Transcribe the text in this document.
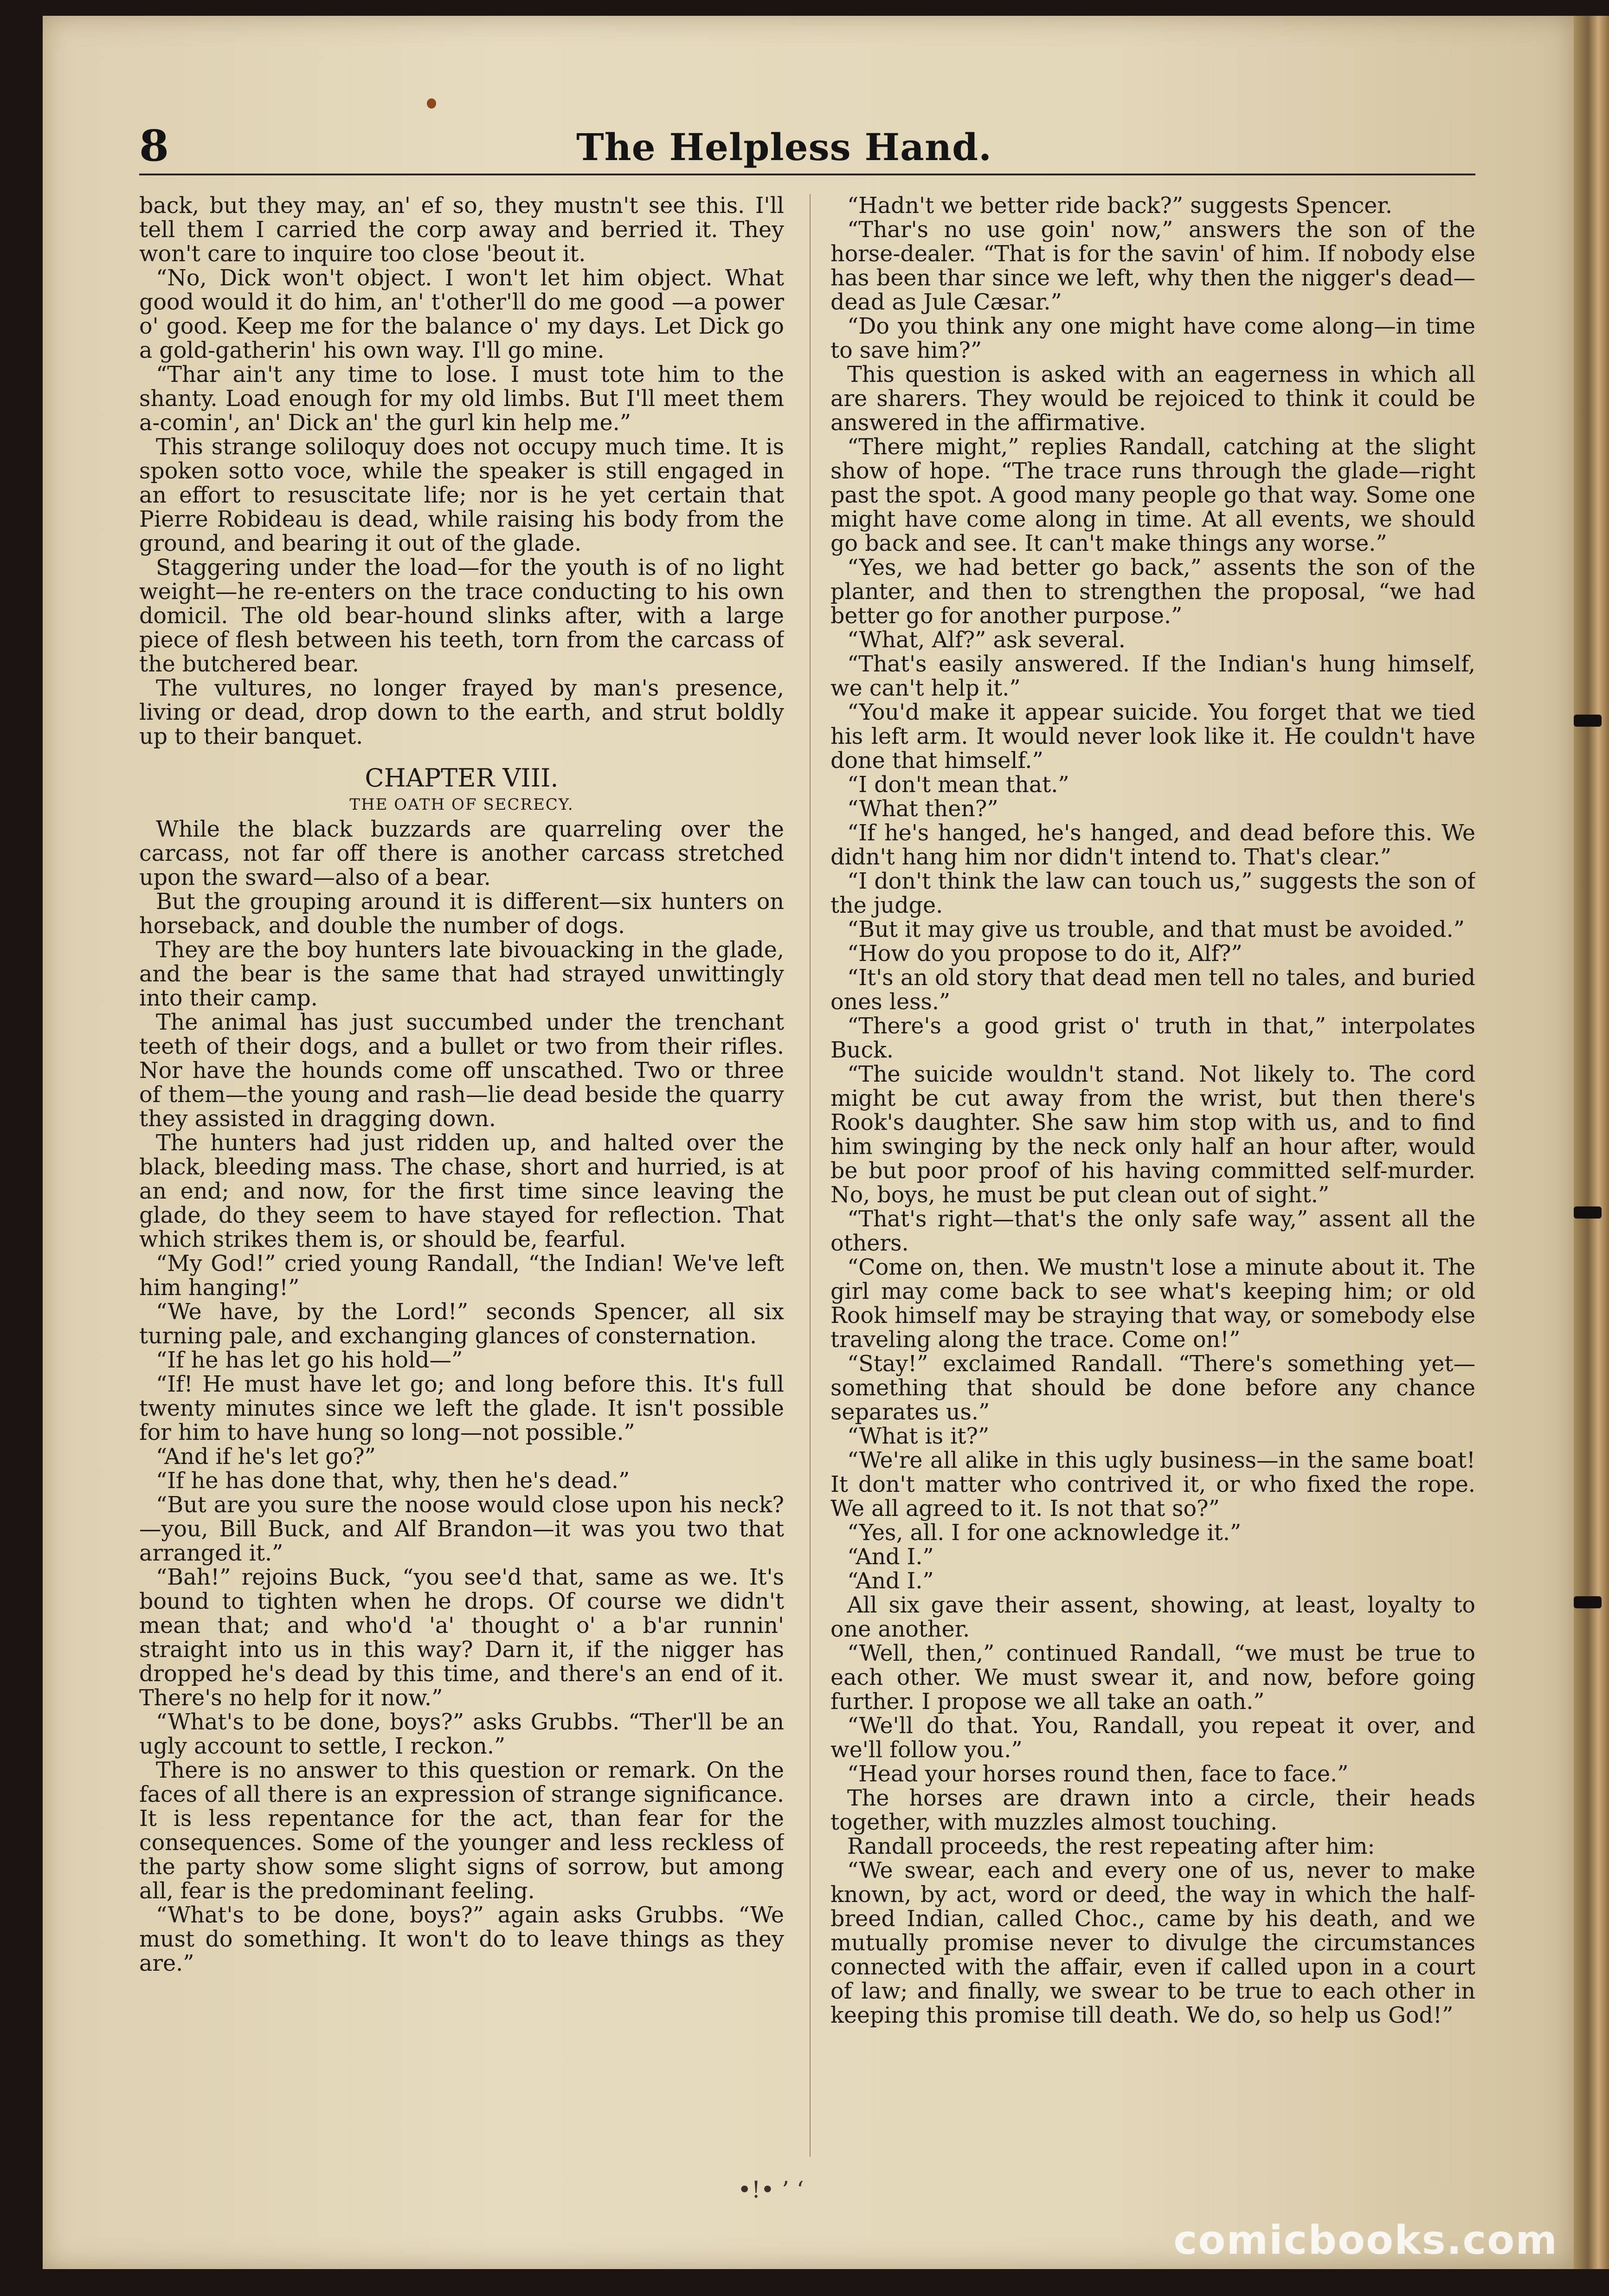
8	The Helpless Hand.

back, but they may, an' ef so, they mustn't see this. I'll tell them I carried the corp away and berried it. They won't care to inquire too close 'beout it.

“No, Dick won't object. I won't let him object. What good would it do him, an' t'other'll do me good —a power o' good. Keep me for the balance o' my days. Let Dick go a gold-gatherin' his own way. I'll go mine.

“Thar ain't any time to lose. I must tote him to the shanty. Load enough for my old limbs. But I'll meet them a-comin', an' Dick an' the gurl kin help me.”

This strange soliloquy does not occupy much time. It is spoken sotto voce, while the speaker is still engaged in an effort to resuscitate life; nor is he yet certain that Pierre Robideau is dead, while raising his body from the ground, and bearing it out of the glade.

Staggering under the load—for the youth is of no light weight—he re-enters on the trace conducting to his own domicil. The old bear-hound slinks after, with a large piece of flesh between his teeth, torn from the carcass of the butchered bear.

The vultures, no longer frayed by man's presence, living or dead, drop down to the earth, and strut boldly up to their banquet.

CHAPTER VIII.
THE OATH OF SECRECY.

While the black buzzards are quarreling over the carcass, not far off there is another carcass stretched upon the sward—also of a bear.

But the grouping around it is different—six hunters on horseback, and double the number of dogs.

They are the boy hunters late bivouacking in the glade, and the bear is the same that had strayed unwittingly into their camp.

The animal has just succumbed under the trenchant teeth of their dogs, and a bullet or two from their rifles. Nor have the hounds come off unscathed. Two or three of them—the young and rash—lie dead beside the quarry they assisted in dragging down.

The hunters had just ridden up, and halted over the black, bleeding mass. The chase, short and hurried, is at an end; and now, for the first time since leaving the glade, do they seem to have stayed for reflection. That which strikes them is, or should be, fearful.

“My God!” cried young Randall, “the Indian! We've left him hanging!”

“We have, by the Lord!” seconds Spencer, all six turning pale, and exchanging glances of consternation.

“If he has let go his hold—”

“If! He must have let go; and long before this. It's full twenty minutes since we left the glade. It isn't possible for him to have hung so long—not possible.”

“And if he's let go?”

“If he has done that, why, then he's dead.”

“But are you sure the noose would close upon his neck?—you, Bill Buck, and Alf Brandon—it was you two that arranged it.”

“Bah!” rejoins Buck, “you see'd that, same as we. It's bound to tighten when he drops. Of course we didn't mean that; and who'd 'a' thought o' a b'ar runnin' straight into us in this way? Darn it, if the nigger has dropped he's dead by this time, and there's an end of it. There's no help for it now.”

“What's to be done, boys?” asks Grubbs. “Ther'll be an ugly account to settle, I reckon.”

There is no answer to this question or remark. On the faces of all there is an expression of strange significance. It is less repentance for the act, than fear for the consequences. Some of the younger and less reckless of the party show some slight signs of sorrow, but among all, fear is the predominant feeling.

“What's to be done, boys?” again asks Grubbs. “We must do something. It won't do to leave things as they are.”

“Hadn't we better ride back?” suggests Spencer.

“Thar's no use goin' now,” answers the son of the horse-dealer. “That is for the savin' of him. If nobody else has been thar since we left, why then the nigger's dead—dead as Jule Cæsar.”

“Do you think any one might have come along—in time to save him?”

This question is asked with an eagerness in which all are sharers. They would be rejoiced to think it could be answered in the affirmative.

“There might,” replies Randall, catching at the slight show of hope. “The trace runs through the glade—right past the spot. A good many people go that way. Some one might have come along in time. At all events, we should go back and see. It can't make things any worse.”

“Yes, we had better go back,” assents the son of the planter, and then to strengthen the proposal, “we had better go for another purpose.”

“What, Alf?” ask several.

“That's easily answered. If the Indian's hung himself, we can't help it.”

“You'd make it appear suicide. You forget that we tied his left arm. It would never look like it. He couldn't have done that himself.”

“I don't mean that.”

“What then?”

“If he's hanged, he's hanged, and dead before this. We didn't hang him nor didn't intend to. That's clear.”

“I don't think the law can touch us,” suggests the son of the judge.

“But it may give us trouble, and that must be avoided.”

“How do you propose to do it, Alf?”

“It's an old story that dead men tell no tales, and buried ones less.”

“There's a good grist o' truth in that,” interpolates Buck.

“The suicide wouldn't stand. Not likely to. The cord might be cut away from the wrist, but then there's Rook's daughter. She saw him stop with us, and to find him swinging by the neck only half an hour after, would be but poor proof of his having committed self-murder. No, boys, he must be put clean out of sight.”

“That's right—that's the only safe way,” assent all the others.

“Come on, then. We mustn't lose a minute about it. The girl may come back to see what's keeping him; or old Rook himself may be straying that way, or somebody else traveling along the trace. Come on!”

“Stay!” exclaimed Randall. “There's something yet—something that should be done before any chance separates us.”

“What is it?”

“We're all alike in this ugly business—in the same boat! It don't matter who contrived it, or who fixed the rope. We all agreed to it. Is not that so?”

“Yes, all. I for one acknowledge it.”

“And I.”

“And I.”

All six gave their assent, showing, at least, loyalty to one another.

“Well, then,” continued Randall, “we must be true to each other. We must swear it, and now, before going further. I propose we all take an oath.”

“We'll do that. You, Randall, you repeat it over, and we'll follow you.”

“Head your horses round then, face to face.”

The horses are drawn into a circle, their heads together, with muzzles almost touching.

Randall proceeds, the rest repeating after him:

“We swear, each and every one of us, never to make known, by act, word or deed, the way in which the half-breed Indian, called Choc., came by his death, and we mutually promise never to divulge the circumstances connected with the affair, even if called upon in a court of law; and finally, we swear to be true to each other in keeping this promise till death. We do, so help us God!”

•!• ’ ‘
comicbooks.com
